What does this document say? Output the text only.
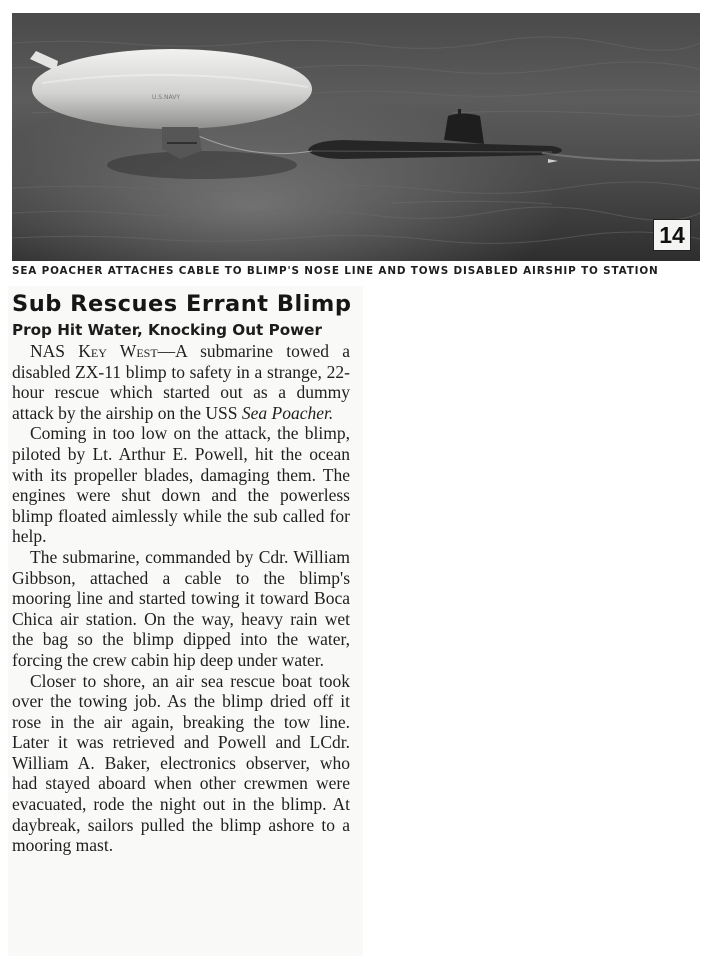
U.S.NAVY
14
SEA POACHER ATTACHES CABLE TO BLIMP'S NOSE LINE AND TOWS DISABLED AIRSHIP TO STATION
Sub Rescues Errant Blimp
Prop Hit Water, Knocking Out Power

NAS Key West—A submarine towed a disabled ZX-11 blimp to safety in a strange, 22-hour rescue which started out as a dummy attack by the airship on the USS Sea Poacher.

Coming in too low on the attack, the blimp, piloted by Lt. Arthur E. Powell, hit the ocean with its propeller blades, damaging them. The engines were shut down and the powerless blimp floated aimlessly while the sub called for help.

The submarine, commanded by Cdr. William Gibbson, attached a cable to the blimp's mooring line and started towing it toward Boca Chica air station. On the way, heavy rain wet the bag so the blimp dipped into the water, forcing the crew cabin hip deep under water.

Closer to shore, an air sea rescue boat took over the towing job. As the blimp dried off it rose in the air again, breaking the tow line. Later it was retrieved and Powell and LCdr. William A. Baker, electronics observer, who had stayed aboard when other crewmen were evacuated, rode the night out in the blimp. At daybreak, sailors pulled the blimp ashore to a mooring mast.
